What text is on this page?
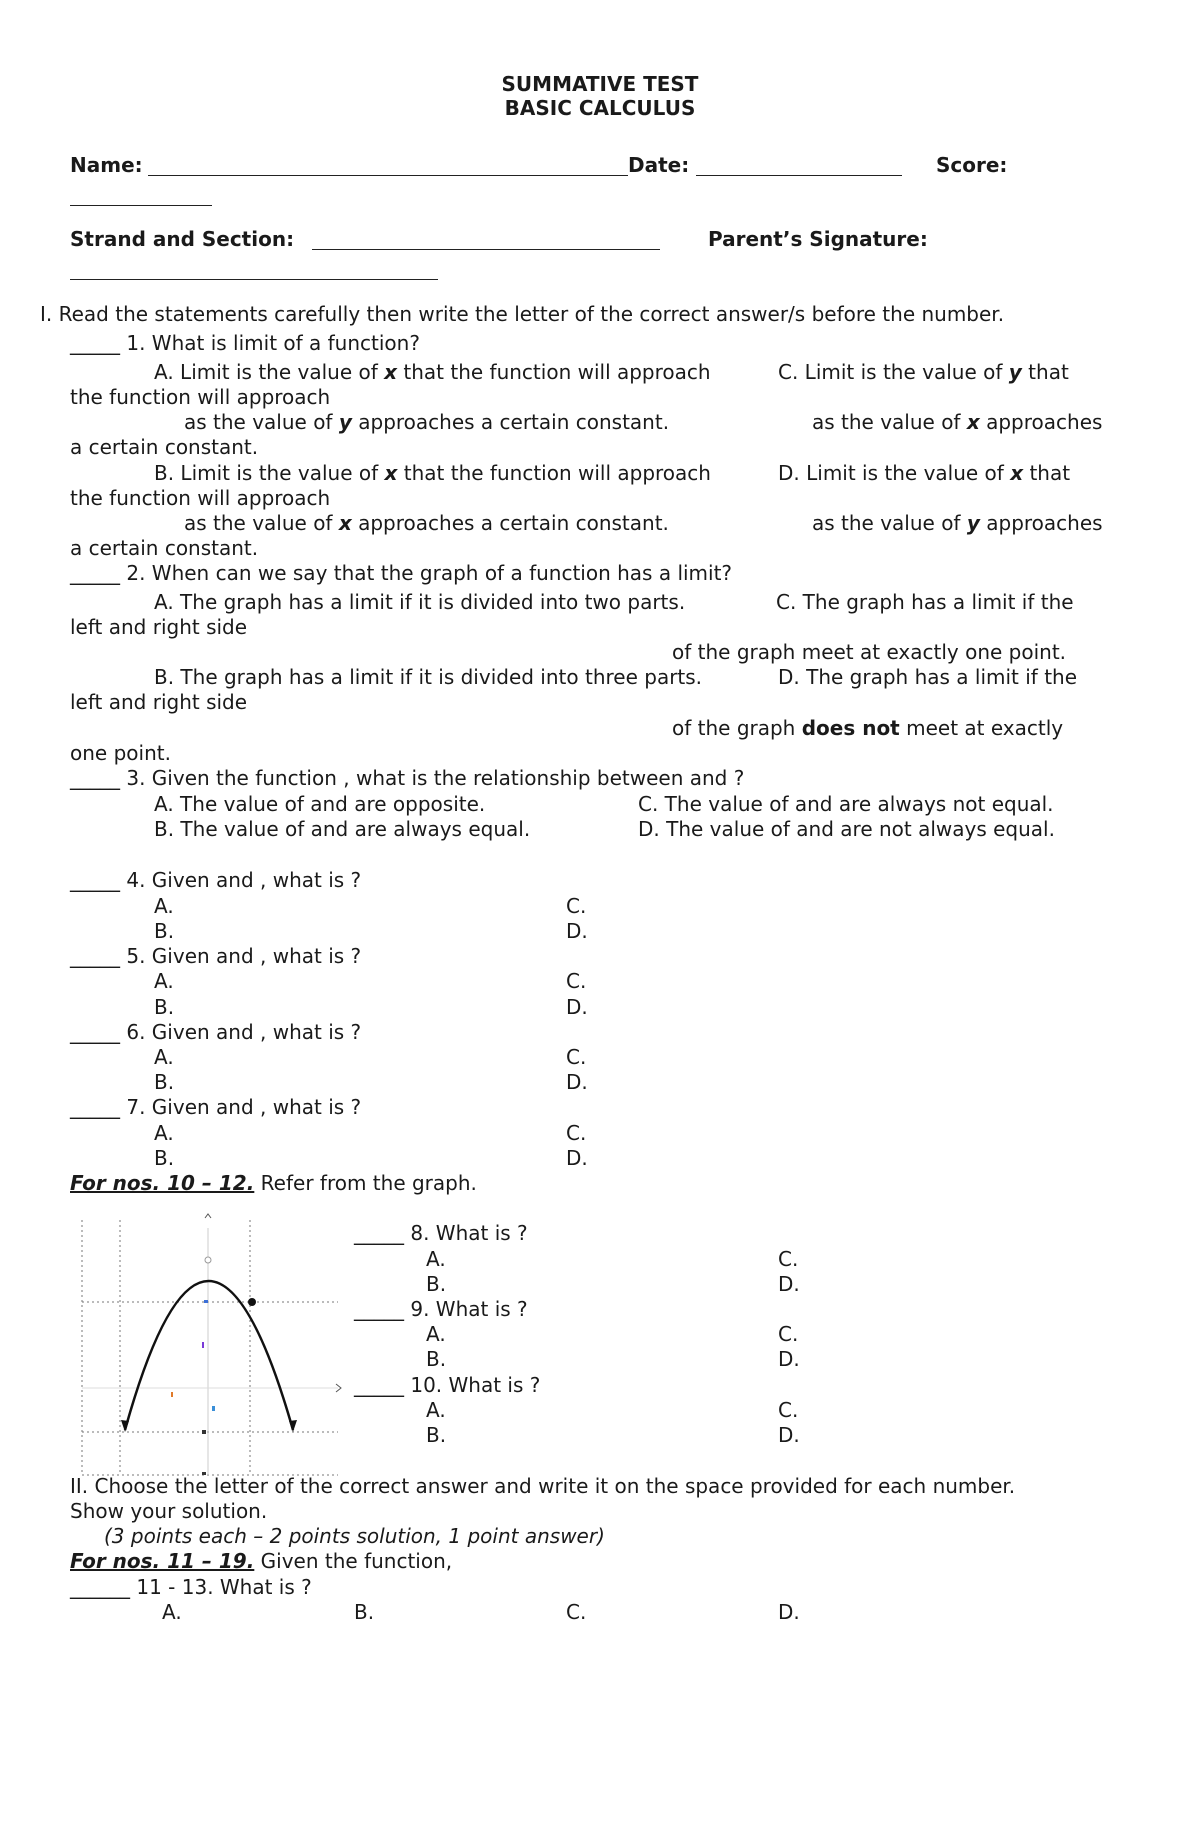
SUMMATIVE TEST
BASIC CALCULUS
Name:	Date:	Score:
Strand and Section:	Parent’s Signature:
I. Read the statements carefully then write the letter of the correct answer/s before the number.
_____ 1. What is limit of a function?
A. Limit is the value of x that the function will approach	C. Limit is the value of y that
the function will approach
as the value of y approaches a certain constant.	as the value of x approaches
a certain constant.
B. Limit is the value of x that the function will approach	D. Limit is the value of x that
the function will approach
as the value of x approaches a certain constant.	as the value of y approaches
a certain constant.
_____ 2. When can we say that the graph of a function has a limit?
A. The graph has a limit if it is divided into two parts.	C. The graph has a limit if the
left and right side
of the graph meet at exactly one point.
B. The graph has a limit if it is divided into three parts.	D. The graph has a limit if the
left and right side
of the graph does not meet at exactly
one point.
_____ 3. Given the function , what is the relationship between and ?
A. The value of and are opposite.	C. The value of and are always not equal.
B. The value of and are always equal.	D. The value of and are not always equal.
_____ 4. Given and , what is ?
A.	C.
B.	D.
_____ 5. Given and , what is ?
A.	C.
B.	D.
_____ 6. Given and , what is ?
A.	C.
B.	D.
_____ 7. Given and , what is ?
A.	C.
B.	D.
For nos. 10 – 12. Refer from the graph.
_____ 8. What is ?
A.	C.
B.	D.
_____ 9. What is ?
A.	C.
B.	D.
_____ 10. What is ?
A.	C.
B.	D.
II. Choose the letter of the correct answer and write it on the space provided for each number.
Show your solution.
(3 points each – 2 points solution, 1 point answer)
For nos. 11 – 19. Given the function,
______ 11 - 13. What is ?
A.	B.	C.	D.
